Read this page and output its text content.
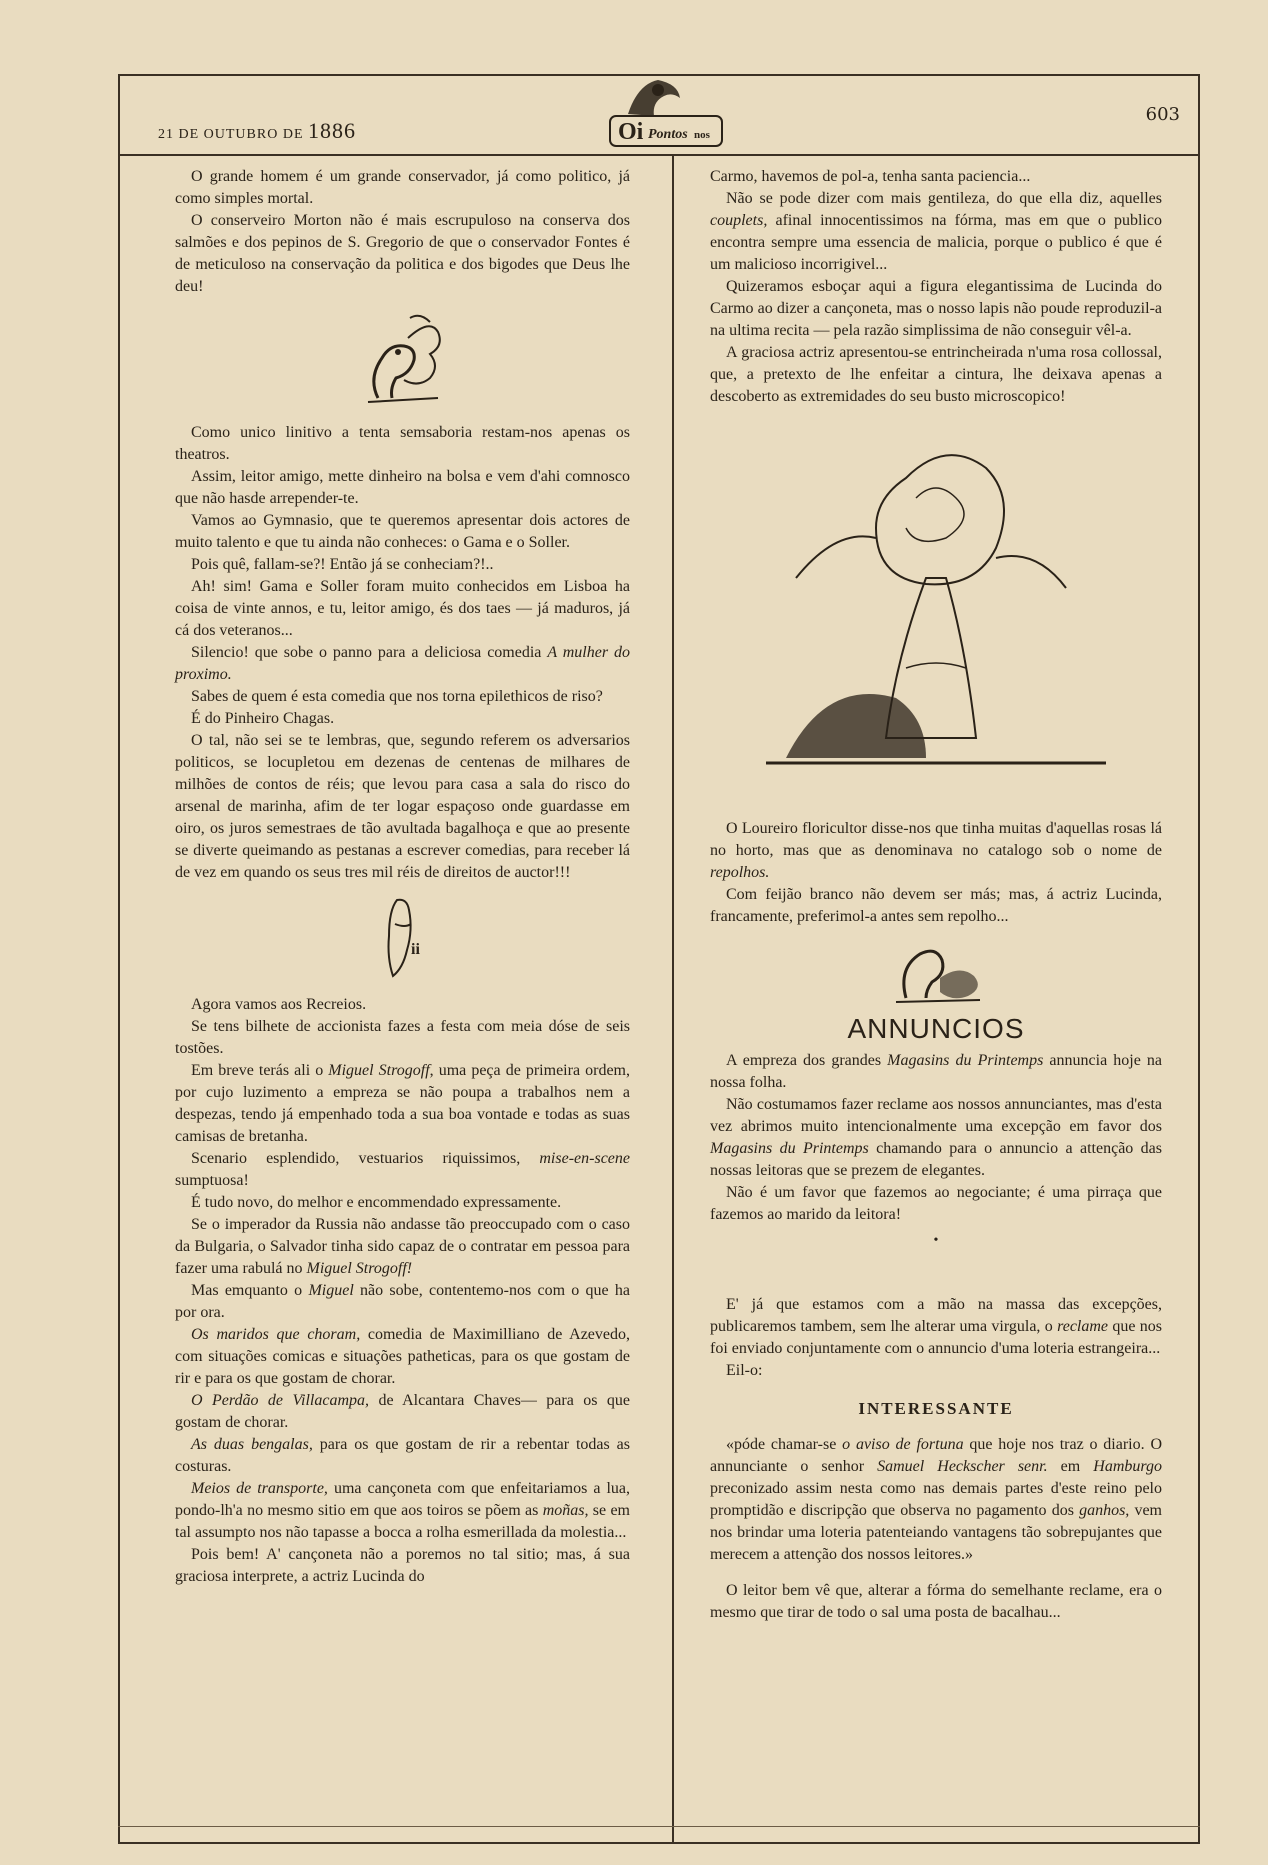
21 DE OUTUBRO DE 1886	Oi Pontos nos
603

O grande homem é um grande conservador, já como politico, já como simples mortal.

O conserveiro Morton não é mais escrupuloso na conserva dos salmões e dos pepinos de S. Gregorio de que o conservador Fontes é de meticuloso na conservação da politica e dos bigodes que Deus lhe deu!

Como unico linitivo a tenta semsaboria restam-nos apenas os theatros.

Assim, leitor amigo, mette dinheiro na bolsa e vem d'ahi comnosco que não hasde arrepender-te.

Vamos ao Gymnasio, que te queremos apresentar dois actores de muito talento e que tu ainda não conheces: o Gama e o Soller.

Pois quê, fallam-se?! Então já se conheciam?!..

Ah! sim! Gama e Soller foram muito conhecidos em Lisboa ha coisa de vinte annos, e tu, leitor amigo, és dos taes — já maduros, já cá dos veteranos...

Silencio! que sobe o panno para a deliciosa comedia A mulher do proximo.

Sabes de quem é esta comedia que nos torna epilethicos de riso?

É do Pinheiro Chagas.

O tal, não sei se te lembras, que, segundo referem os adversarios politicos, se locupletou em dezenas de centenas de milhares de milhões de contos de réis; que levou para casa a sala do risco do arsenal de marinha, afim de ter logar espaçoso onde guardasse em oiro, os juros semestraes de tão avultada bagalhoça e que ao presente se diverte queimando as pestanas a escrever comedias, para receber lá de vez em quando os seus tres mil réis de direitos de auctor!!!

ii

Agora vamos aos Recreios.

Se tens bilhete de accionista fazes a festa com meia dóse de seis tostões.

Em breve terás ali o Miguel Strogoff, uma peça de primeira ordem, por cujo luzimento a empreza se não poupa a trabalhos nem a despezas, tendo já empenhado toda a sua boa vontade e todas as suas camisas de bretanha.

Scenario esplendido, vestuarios riquissimos, mise-en-scene sumptuosa!

É tudo novo, do melhor e encommendado expressamente.

Se o imperador da Russia não andasse tão preoccupado com o caso da Bulgaria, o Salvador tinha sido capaz de o contratar em pessoa para fazer uma rabulá no Miguel Strogoff!

Mas emquanto o Miguel não sobe, contentemo-nos com o que ha por ora.

Os maridos que choram, comedia de Maximilliano de Azevedo, com situações comicas e situações patheticas, para os que gostam de rir e para os que gostam de chorar.

O Perdão de Villacampa, de Alcantara Chaves— para os que gostam de chorar.

As duas bengalas, para os que gostam de rir a rebentar todas as costuras.

Meios de transporte, uma cançoneta com que enfeitariamos a lua, pondo-lh'a no mesmo sitio em que aos toiros se põem as moñas, se em tal assumpto nos não tapasse a bocca a rolha esmerillada da molestia...

Pois bem! A' cançoneta não a poremos no tal sitio; mas, á sua graciosa interprete, a actriz Lucinda do

Carmo, havemos de pol-a, tenha santa paciencia...

Não se pode dizer com mais gentileza, do que ella diz, aquelles couplets, afinal innocentissimos na fórma, mas em que o publico encontra sempre uma essencia de malicia, porque o publico é que é um malicioso incorrigivel...

Quizeramos esboçar aqui a figura elegantissima de Lucinda do Carmo ao dizer a cançoneta, mas o nosso lapis não poude reproduzil-a na ultima recita — pela razão simplissima de não conseguir vêl-a.

A graciosa actriz apresentou-se entrincheirada n'uma rosa collossal, que, a pretexto de lhe enfeitar a cintura, lhe deixava apenas a descoberto as extremidades do seu busto microscopico!

O Loureiro floricultor disse-nos que tinha muitas d'aquellas rosas lá no horto, mas que as denominava no catalogo sob o nome de repolhos.

Com feijão branco não devem ser más; mas, á actriz Lucinda, francamente, preferimol-a antes sem repolho...

ANNUNCIOS

A empreza dos grandes Magasins du Printemps annuncia hoje na nossa folha.

Não costumamos fazer reclame aos nossos annunciantes, mas d'esta vez abrimos muito intencionalmente uma excepção em favor dos Magasins du Printemps chamando para o annuncio a attenção das nossas leitoras que se prezem de elegantes.

Não é um favor que fazemos ao negociante; é uma pirraça que fazemos ao marido da leitora!

•

E' já que estamos com a mão na massa das excepções, publicaremos tambem, sem lhe alterar uma virgula, o reclame que nos foi enviado conjuntamente com o annuncio d'uma loteria estrangeira...

Eil-o:

INTERESSANTE

«póde chamar-se o aviso de fortuna que hoje nos traz o diario. O annunciante o senhor Samuel Heckscher senr. em Hamburgo preconizado assim nesta como nas demais partes d'este reino pelo promptidão e discripção que observa no pagamento dos ganhos, vem nos brindar uma loteria patenteiando vantagens tão sobrepujantes que merecem a attenção dos nossos leitores.»

O leitor bem vê que, alterar a fórma do semelhante reclame, era o mesmo que tirar de todo o sal uma posta de bacalhau...
